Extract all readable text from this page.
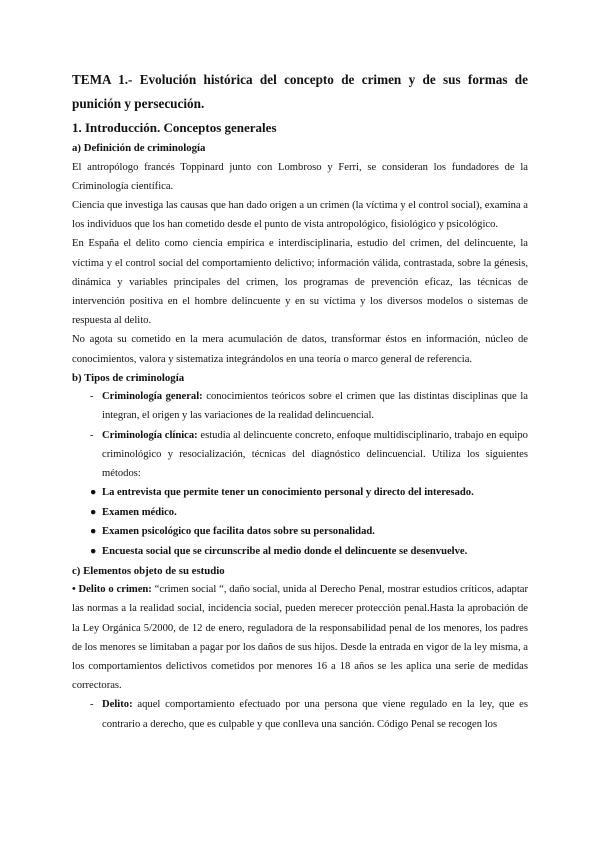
TEMA 1.- Evolución histórica del concepto de crimen y de sus formas de punición y persecución.
1. Introducción. Conceptos generales
a) Definición de criminología

El antropólogo francés Toppinard junto con Lombroso y Ferri, se consideran los fundadores de la Criminología científica.

Ciencia que investiga las causas que han dado origen a un crimen (la víctima y el control social), examina a los individuos que los han cometido desde el punto de vista antropológico, fisiológico y psicológico.

En España el delito como ciencia empírica e interdisciplinaria, estudio del crimen, del delincuente, la víctima y el control social del comportamiento delictivo; información válida, contrastada, sobre la génesis, dinámica y variables principales del crimen, los programas de prevención eficaz, las técnicas de intervención positiva en el hombre delincuente y en su víctima y los diversos modelos o sistemas de respuesta al delito.

No agota su cometido en la mera acumulación de datos, transformar éstos en información, núcleo de conocimientos, valora y sistematiza integrándolos en una teoría o marco general de referencia.

b) Tipos de criminología
- Criminología general: conocimientos teóricos sobre el crimen que las distintas disciplinas que la integran, el origen y las variaciones de la realidad delincuencial.
- Criminología clínica: estudia al delincuente concreto, enfoque multidisciplinario, trabajo en equipo criminológico y resocialización, técnicas del diagnóstico delincuencial. Utiliza los siguientes métodos:
● La entrevista que permite tener un conocimiento personal y directo del interesado.
● Examen médico.
● Examen psicológico que facilita datos sobre su personalidad.
● Encuesta social que se circunscribe al medio donde el delincuente se desenvuelve.
c) Elementos objeto de su estudio

• Delito o crimen: “crimen social “, daño social, unida al Derecho Penal, mostrar estudios críticos, adaptar las normas a la realidad social, incidencia social, pueden merecer protección penal.Hasta la aprobación de la Ley Orgánica 5/2000, de 12 de enero, reguladora de la responsabilidad penal de los menores, los padres de los menores se limitaban a pagar por los daños de sus hijos. Desde la entrada en vigor de la ley misma, a los comportamientos delictivos cometidos por menores 16 a 18 años se les aplica una serie de medidas correctoras.

- Delito: aquel comportamiento efectuado por una persona que viene regulado en la ley, que es contrario a derecho, que es culpable y que conlleva una sanción. Código Penal se recogen los
